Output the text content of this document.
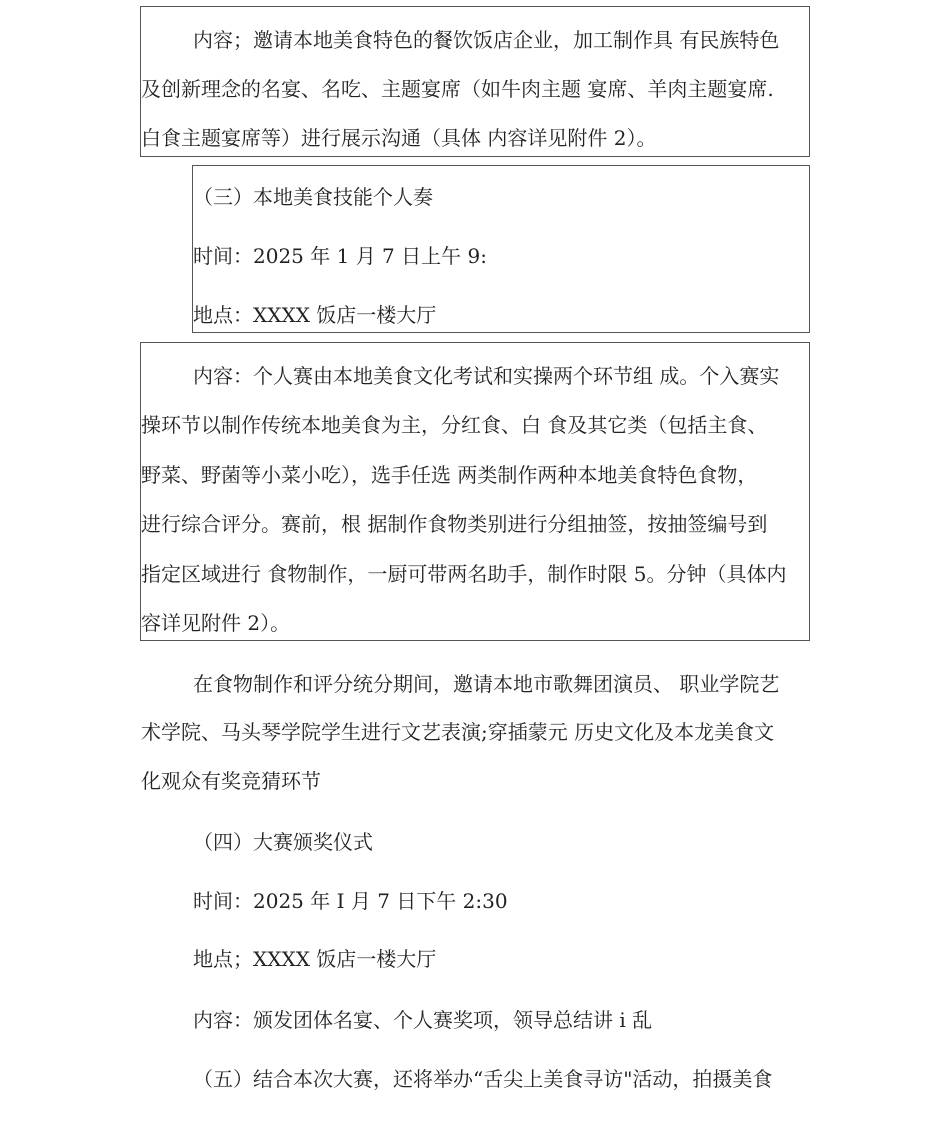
内容；邀请本地美食特色的餐饮饭店企业，加工制作具 有民族特色
及创新理念的名宴、名吃、主题宴席（如牛肉主题 宴席、羊肉主题宴席.
白食主题宴席等）进行展示沟通（具体 内容详见附件 2）。
（三）本地美食技能个人奏
时间：2025 年 1 月 7 日上午 9:
地点：XXXX 饭店一楼大厅
内容：个人赛由本地美食文化考试和实操两个环节组 成。个入赛实
操环节以制作传统本地美食为主，分红食、白 食及其它类（包括主食、
野菜、野菌等小菜小吃），选手任选 两类制作两种本地美食特色食物，
进行综合评分。赛前，根 据制作食物类别进行分组抽签，按抽签编号到
指定区域进行 食物制作，一厨可带两名助手，制作时限 5。分钟（具体内
容详见附件 2）。
在食物制作和评分统分期间，邀请本地市歌舞团演员、 职业学院艺
术学院、马头琴学院学生进行文艺表演;穿插蒙元 历史文化及本龙美食文
化观众有奖竞猜环节
（四）大赛颁奖仪式
时间：2025 年 I 月 7 日下午 2:30
地点；XXXX 饭店一楼大厅
内容：颁发团体名宴、个人赛奖项，领导总结讲 i 乱
（五）结合本次大赛，还将举办“舌尖上美食寻访"活动，拍摄美食
